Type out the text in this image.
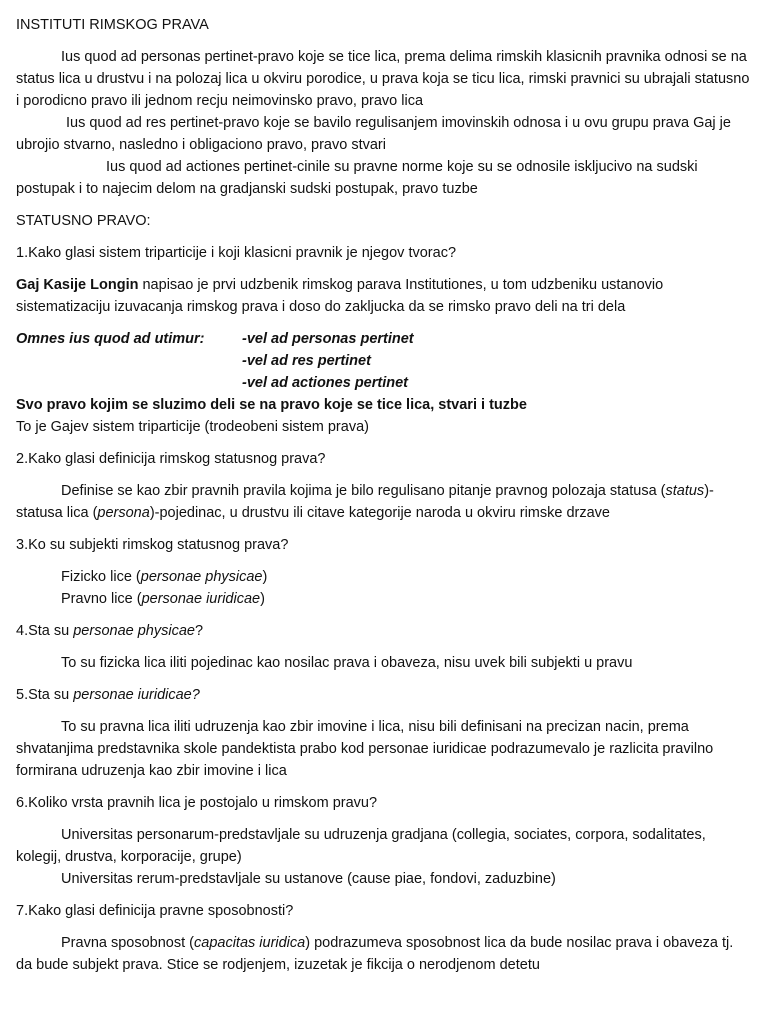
INSTITUTI RIMSKOG PRAVA

Ius quod ad personas pertinet-pravo koje se tice lica, prema delima rimskih klasicnih pravnika odnosi se na status lica u drustvu i na polozaj lica u okviru porodice, u prava koja se ticu lica, rimski pravnici su ubrajali statusno i porodicno pravo ili jednom recju neimovinsko pravo, pravo lica

Ius quod ad res pertinet-pravo koje se bavilo regulisanjem imovinskih odnosa i u ovu grupu prava Gaj je ubrojio stvarno, nasledno i obligaciono pravo, pravo stvari

Ius quod ad actiones pertinet-cinile su pravne norme koje su se odnosile iskljucivo na sudski postupak i to najecim delom na gradjanski sudski postupak, pravo tuzbe

STATUSNO PRAVO:

1.Kako glasi sistem triparticije i koji klasicni pravnik je njegov tvorac?

Gaj Kasije Longin napisao je prvi udzbenik rimskog parava Institutiones, u tom udzbeniku ustanovio sistematizaciju izuvacanja rimskog prava i doso do zakljucka da se rimsko pravo deli na tri dela

Omnes ius quod ad utimur:	-vel ad personas pertinet
-vel ad res pertinet
-vel ad actiones pertinet

Svo pravo kojim se sluzimo deli se na pravo koje se tice lica, stvari i tuzbe

To je Gajev sistem triparticije (trodeobeni sistem prava)

2.Kako glasi definicija rimskog statusnog prava?

Definise se kao zbir pravnih pravila kojima je bilo regulisano pitanje pravnog polozaja statusa (status)-statusa lica (persona)-pojedinac, u drustvu ili citave kategorije naroda u okviru rimske drzave

3.Ko su subjekti rimskog statusnog prava?

Fizicko lice (personae physicae)

Pravno lice (personae iuridicae)

4.Sta su personae physicae?

To su fizicka lica iliti pojedinac kao nosilac prava i obaveza, nisu uvek bili subjekti u pravu

5.Sta su personae iuridicae?

To su pravna lica iliti udruzenja kao zbir imovine i lica, nisu bili definisani na precizan nacin, prema shvatanjima predstavnika skole pandektista prabo kod personae iuridicae podrazumevalo je razlicita pravilno formirana udruzenja kao zbir imovine i lica

6.Koliko vrsta pravnih lica je postojalo u rimskom pravu?

Universitas personarum-predstavljale su udruzenja gradjana (collegia, sociates, corpora, sodalitates, kolegij, drustva, korporacije, grupe)

Universitas rerum-predstavljale su ustanove (cause piae, fondovi, zaduzbine)

7.Kako glasi definicija pravne sposobnosti?

Pravna sposobnost (capacitas iuridica) podrazumeva sposobnost lica da bude nosilac prava i obaveza tj. da bude subjekt prava. Stice se rodjenjem, izuzetak je fikcija o nerodjenom detetu
